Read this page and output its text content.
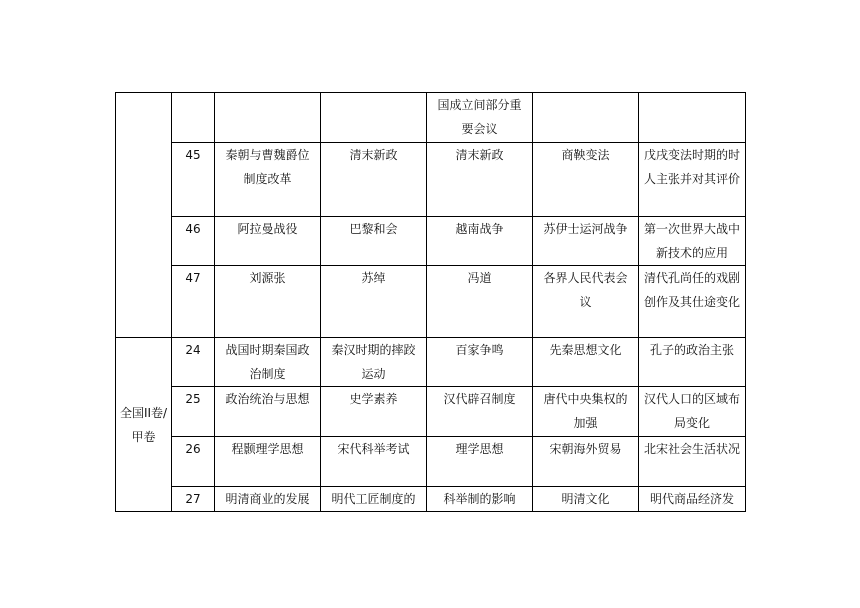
				国成立间部分重要会议		
	45	秦朝与曹魏爵位制度改革	清末新政	清末新政	商鞅变法	戊戌变法时期的时人主张并对其评价
	46	阿拉曼战役	巴黎和会	越南战争	苏伊士运河战争	第一次世界大战中新技术的应用
	47	刘源张	苏绰	冯道	各界人民代表会议	清代孔尚任的戏剧创作及其仕途变化
全国II卷/甲卷	24	战国时期秦国政治制度	秦汉时期的摔跤运动	百家争鸣	先秦思想文化	孔子的政治主张
	25	政治统治与思想	史学素养	汉代辟召制度	唐代中央集权的加强	汉代人口的区域布局变化
	26	程颢理学思想	宋代科举考试	理学思想	宋朝海外贸易	北宋社会生活状况
	27	明清商业的发展	明代工匠制度的	科举制的影响	明清文化	明代商品经济发
